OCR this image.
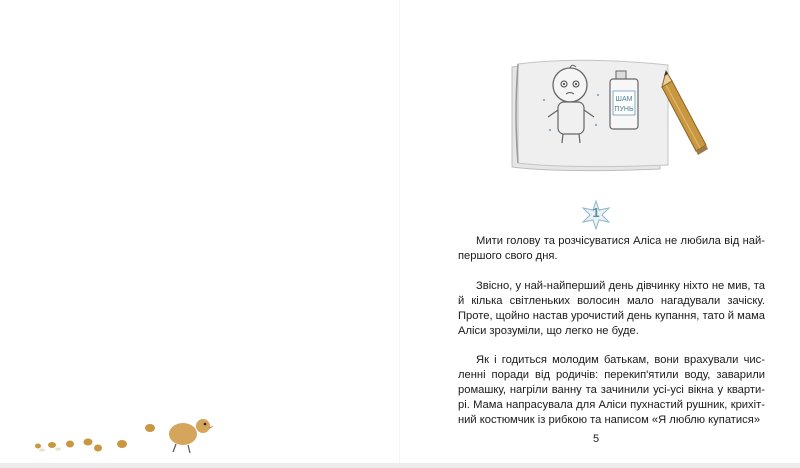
ШАМ
ПУНЬ
1

Мити голову та розчісуватися Аліса не любила від найпершого свого дня.

Звісно, у най-найперший день дівчинку ніхто не мив, та й кілька світленьких волосин мало нагадували зачіску. Проте, щойно настав урочистий день купання, тато й мама Аліси зрозуміли, що легко не буде.

Як і годиться молодим батькам, вони врахували численні поради від родичів: перекип'ятили воду, заварили ромашку, нагріли ванну та зачинили усі-усі вікна у квартирі. Мама напрасувала для Аліси пухнастий рушник, крихітний костюмчик із рибкою та написом «Я люблю купатися»

5
